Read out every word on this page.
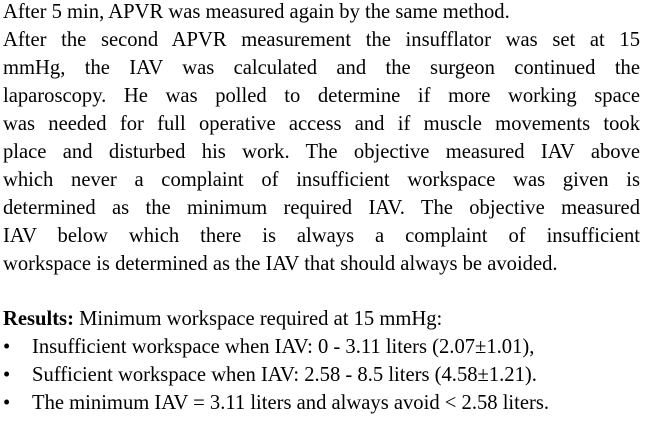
After 5 min, APVR was measured again by the same method.
After the second APVR measurement the insufflator was set at 15
mmHg, the IAV was calculated and the surgeon continued the
laparoscopy. He was polled to determine if more working space
was needed for full operative access and if muscle movements took
place and disturbed his work. The objective measured IAV above
which never a complaint of insufficient workspace was given is
determined as the minimum required IAV. The objective measured
IAV below which there is always a complaint of insufficient
workspace is determined as the IAV that should always be avoided.

Results: Minimum workspace required at 15 mmHg:

• Insufficient workspace when IAV: 0 - 3.11 liters (2.07±1.01),
• Sufficient workspace when IAV: 2.58 - 8.5 liters (4.58±1.21).
• The minimum IAV = 3.11 liters and always avoid < 2.58 liters.
